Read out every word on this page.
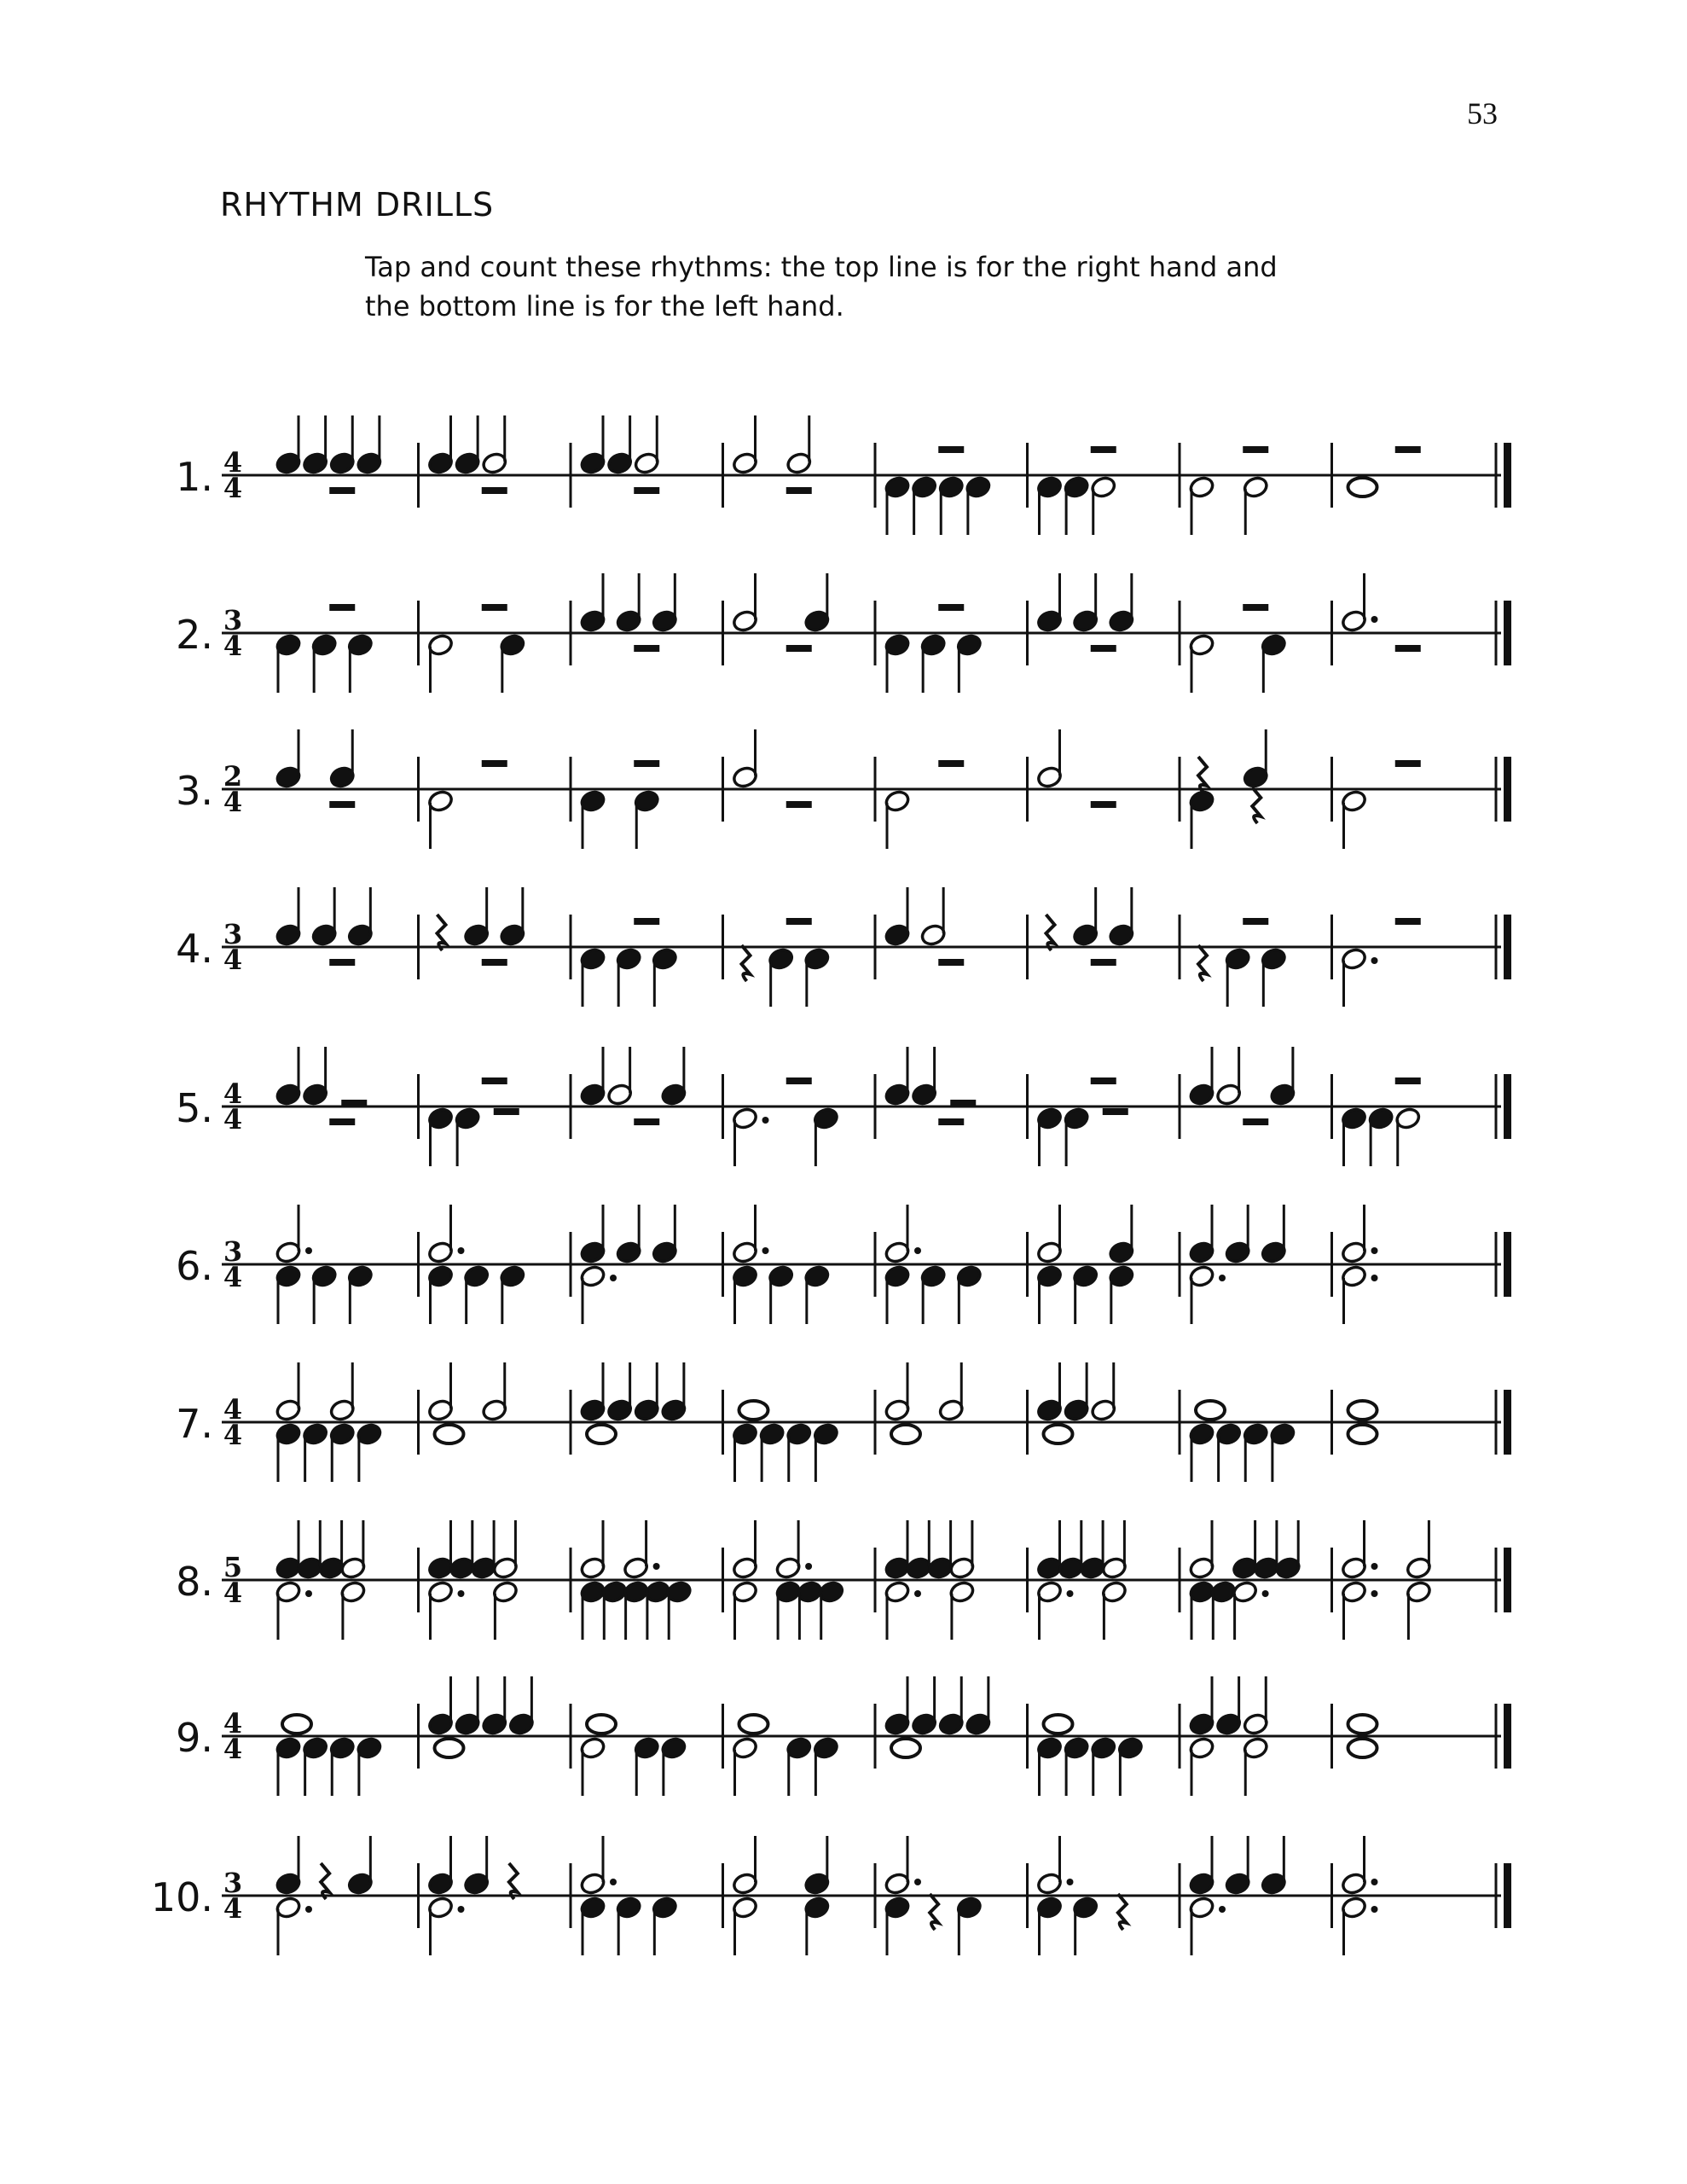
53
RHYTHM DRILLS

Tap and count these rhythms: the top line is for the right hand and

the bottom line is for the left hand.

1. 4
4
2. 3
4
3. 2
4
4. 3
4
5. 4
4
6. 3
4
7. 4
4
8. 5
4
9. 4
4
10. 3
4
